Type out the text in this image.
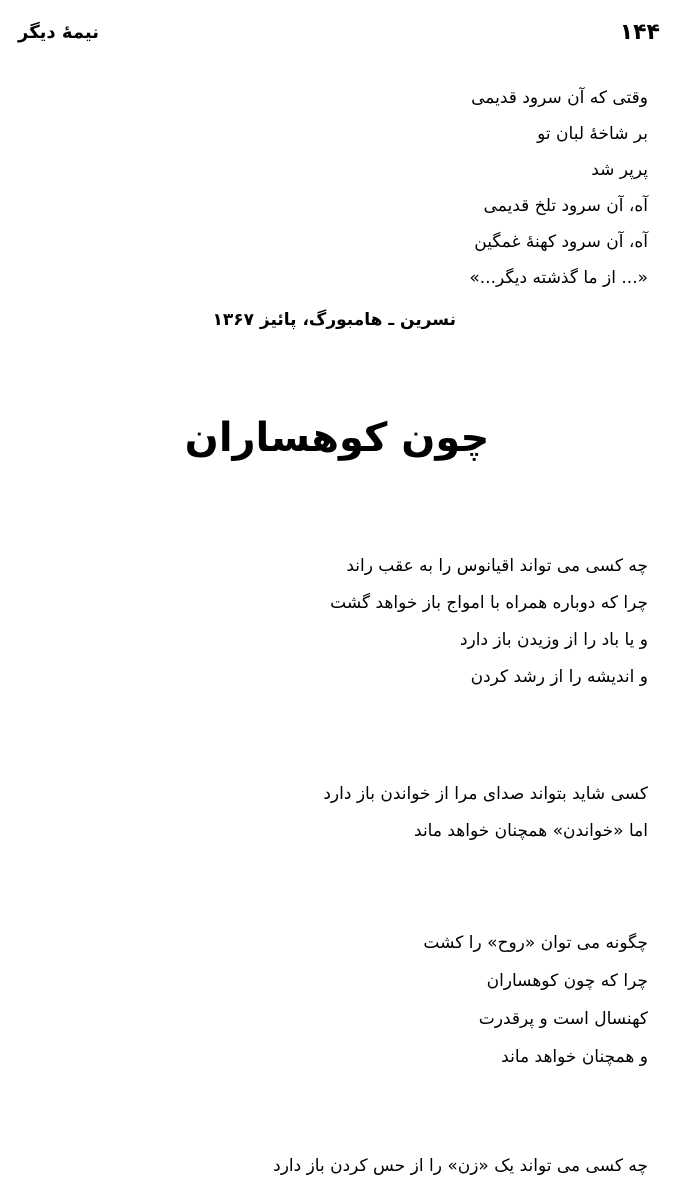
۱۴۴
نیمهٔ دیگر
وقتی که آن سرود قدیمی
بر شاخهٔ لبان تو
پرپر شد
آه، آن سرود تلخ قدیمی
آه، آن سرود کهنهٔ غمگین
«... از ما گذشته دیگر...»
نسرین ـ هامبورگ، پائیز ۱۳۶۷
چون کوهساران
چه کسی می تواند اقیانوس را به عقب راند
چرا که دوباره همراه با امواج باز خواهد گشت
و یا باد را از وزیدن باز دارد
و اندیشه را از رشد کردن
کسی شاید بتواند صدای مرا از خواندن باز دارد
اما «خواندن» همچنان خواهد ماند
چگونه می توان «روح» را کشت
چرا که چون کوهساران
کهنسال است و پرقدرت
و همچنان خواهد ماند
چه کسی می تواند یک «زن» را از حس کردن باز دارد
